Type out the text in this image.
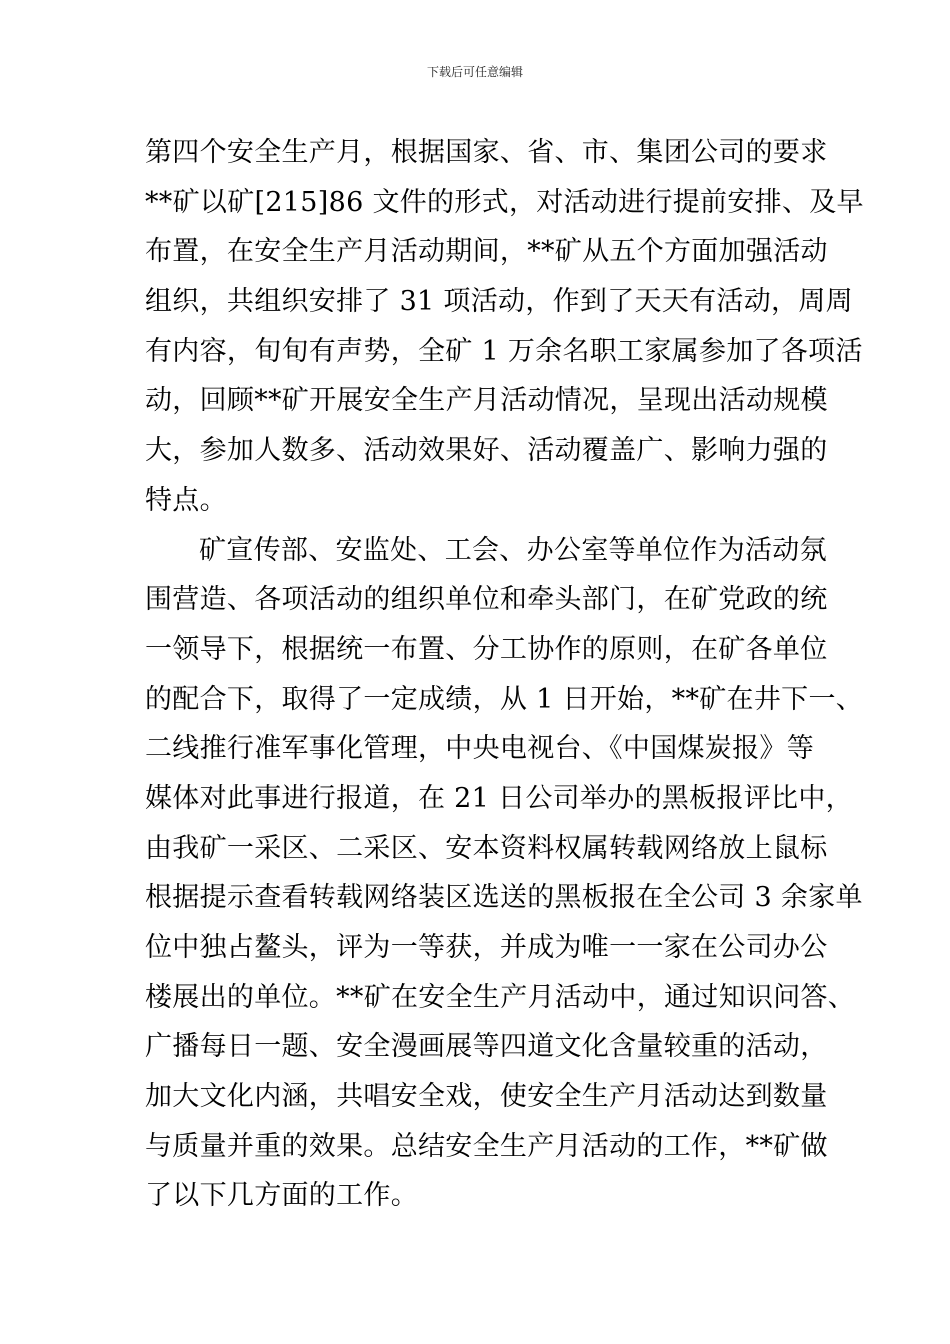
下载后可任意编辑
第四个安全生产月，根据国家、省、市、集团公司的要求
**矿以矿[215]86 文件的形式，对活动进行提前安排、及早
布置，在安全生产月活动期间，**矿从五个方面加强活动
组织，共组织安排了 31 项活动，作到了天天有活动，周周
有内容，旬旬有声势，全矿 1 万余名职工家属参加了各项活
动，回顾**矿开展安全生产月活动情况，呈现出活动规模
大，参加人数多、活动效果好、活动覆盖广、影响力强的
特点。
矿宣传部、安监处、工会、办公室等单位作为活动氛
围营造、各项活动的组织单位和牵头部门，在矿党政的统
一领导下，根据统一布置、分工协作的原则，在矿各单位
的配合下，取得了一定成绩，从 1 日开始，**矿在井下一、
二线推行准军事化管理，中央电视台、《中国煤炭报》等
媒体对此事进行报道，在 21 日公司举办的黑板报评比中，
由我矿一采区、二采区、安本资料权属转载网络放上鼠标
根据提示查看转载网络装区选送的黑板报在全公司 3 余家单
位中独占鳌头，评为一等获，并成为唯一一家在公司办公
楼展出的单位。**矿在安全生产月活动中，通过知识问答、
广播每日一题、安全漫画展等四道文化含量较重的活动，
加大文化内涵，共唱安全戏，使安全生产月活动达到数量
与质量并重的效果。总结安全生产月活动的工作，**矿做
了以下几方面的工作。
